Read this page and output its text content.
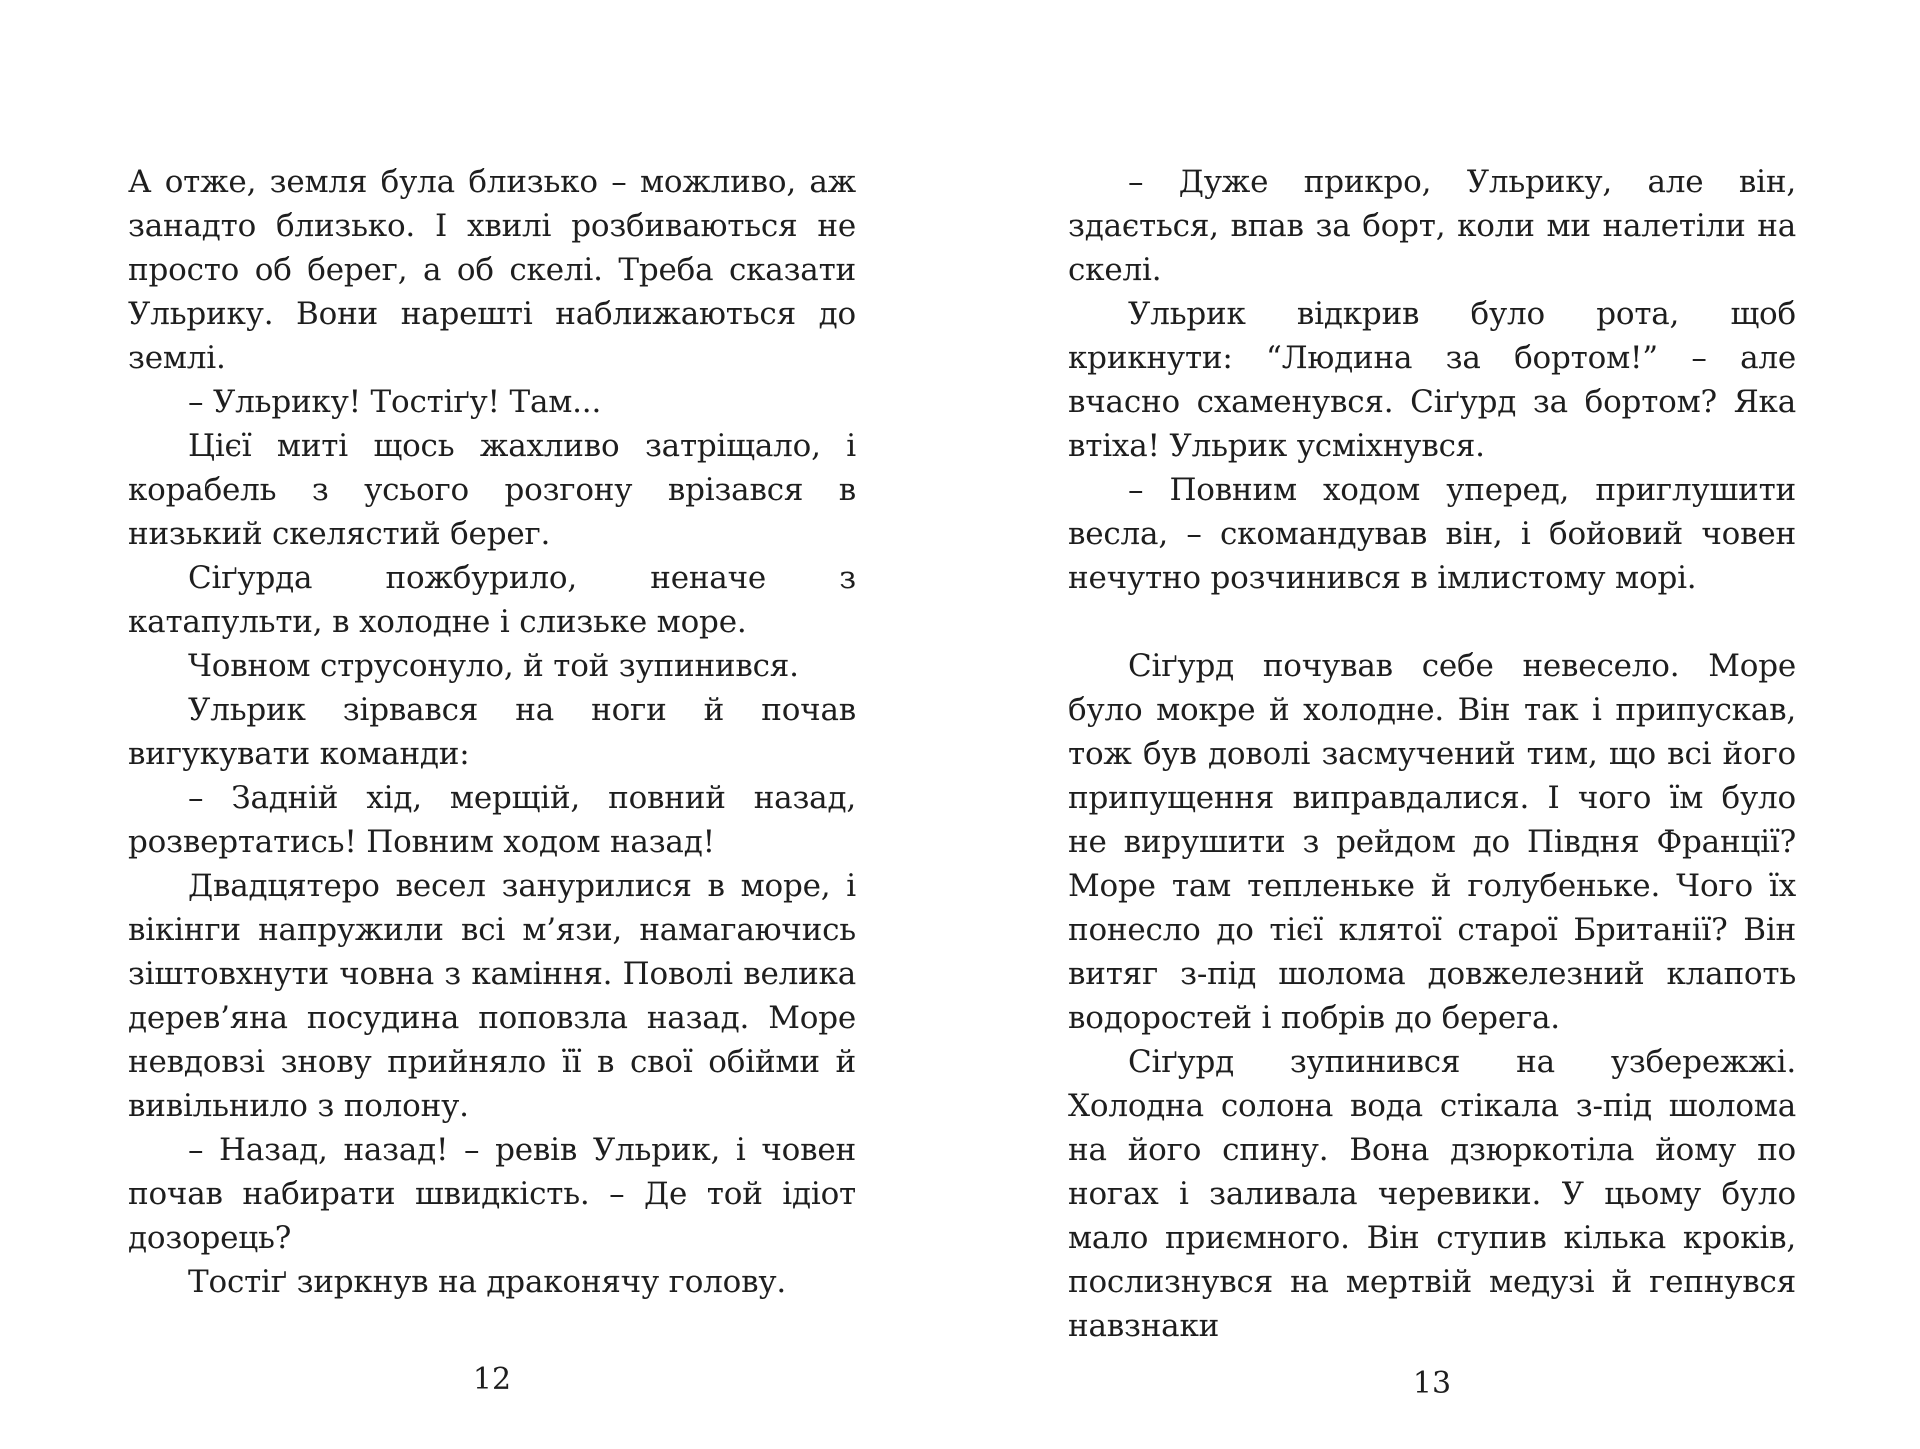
А отже, земля була близько – можливо, аж занадто близько. І хвилі розбиваються не просто об берег, а об скелі. Треба сказати Ульрику. Вони нарешті наближаються до землі.

– Ульрику! Тостіґу! Там...

Цієї миті щось жахливо затріщало, і корабель з усього розгону врізався в низький скелястий берег.

Сіґурда пожбурило, неначе з катапульти, в холодне і слизьке море.

Човном струсонуло, й той зупинився.

Ульрик зірвався на ноги й почав вигукувати команди:

– Задній хід, мерщій, повний назад, розвертатись! Повним ходом назад!

Двадцятеро весел занурилися в море, і вікінги напружили всі м’язи, намагаючись зіштовхнути човна з каміння. Поволі велика дерев’яна посудина поповзла назад. Море невдовзі знову прийняло її в свої обійми й вивільнило з полону.

– Назад, назад! – ревів Ульрик, і човен почав набирати швидкість. – Де той ідіот дозорець?

Тостіґ зиркнув на драконячу голову.

12

– Дуже прикро, Ульрику, але він, здається, впав за борт, коли ми налетіли на скелі.

Ульрик відкрив було рота, щоб крикнути: “Людина за бортом!” – але вчасно схаменувся. Сіґурд за бортом? Яка втіха! Ульрик усміхнувся.

– Повним ходом уперед, приглушити весла, – скомандував він, і бойовий човен нечутно розчинився в імлистому морі.

Сіґурд почував себе невесело. Море було мокре й холодне. Він так і припускав, тож був доволі засмучений тим, що всі його припущення виправдалися. І чого їм було не вирушити з рейдом до Півдня Франції? Море там тепленьке й голубеньке. Чого їх понесло до тієї клятої старої Британії? Він витяг з-під шолома довжелезний клапоть водоростей і побрів до берега.

Сіґурд зупинився на узбережжі. Холодна солона вода стікала з-під шолома на його спину. Вона дзюркотіла йому по ногах і заливала черевики. У цьому було мало приємного. Він ступив кілька кроків, послизнувся на мертвій медузі й гепнувся навзнаки

13
